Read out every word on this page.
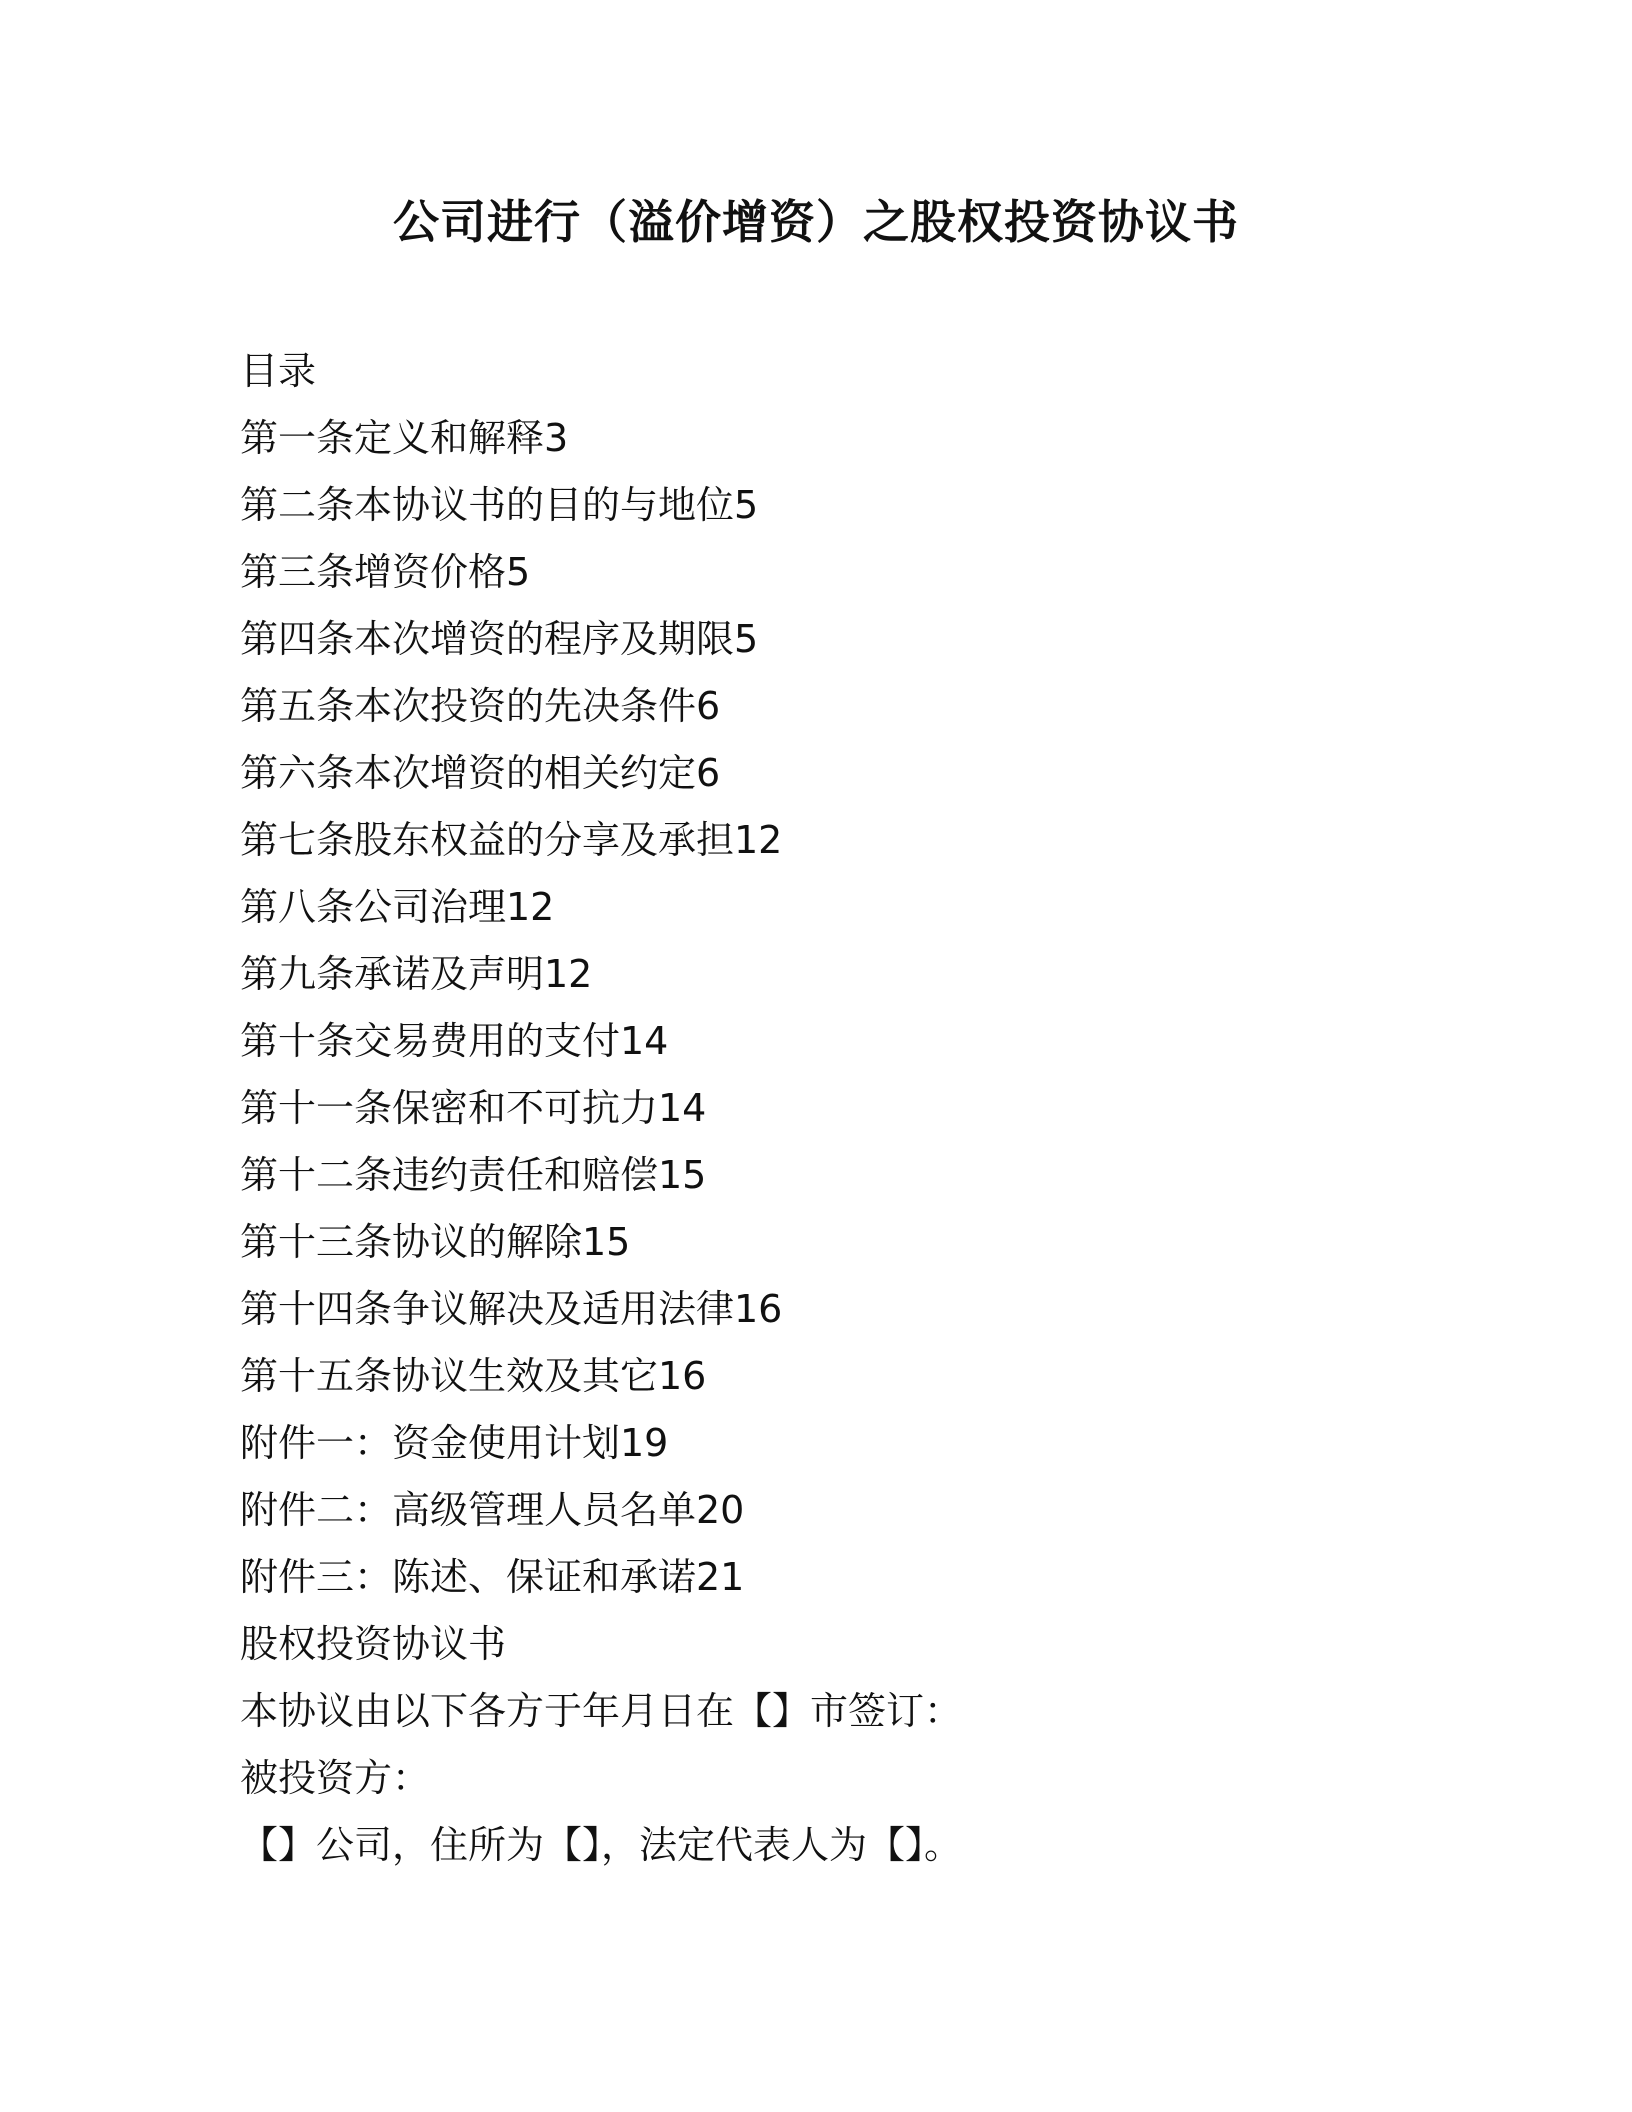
公司进行（溢价增资）之股权投资协议书
目录
第一条定义和解释3
第二条本协议书的目的与地位5
第三条增资价格5
第四条本次增资的程序及期限5
第五条本次投资的先决条件6
第六条本次增资的相关约定6
第七条股东权益的分享及承担12
第八条公司治理12
第九条承诺及声明12
第十条交易费用的支付14
第十一条保密和不可抗力14
第十二条违约责任和赔偿15
第十三条协议的解除15
第十四条争议解决及适用法律16
第十五条协议生效及其它16
附件一：资金使用计划19
附件二：高级管理人员名单20
附件三：陈述、保证和承诺21
股权投资协议书
本协议由以下各方于年月日在【】市签订：
被投资方：
【】公司，住所为【】，法定代表人为【】。
